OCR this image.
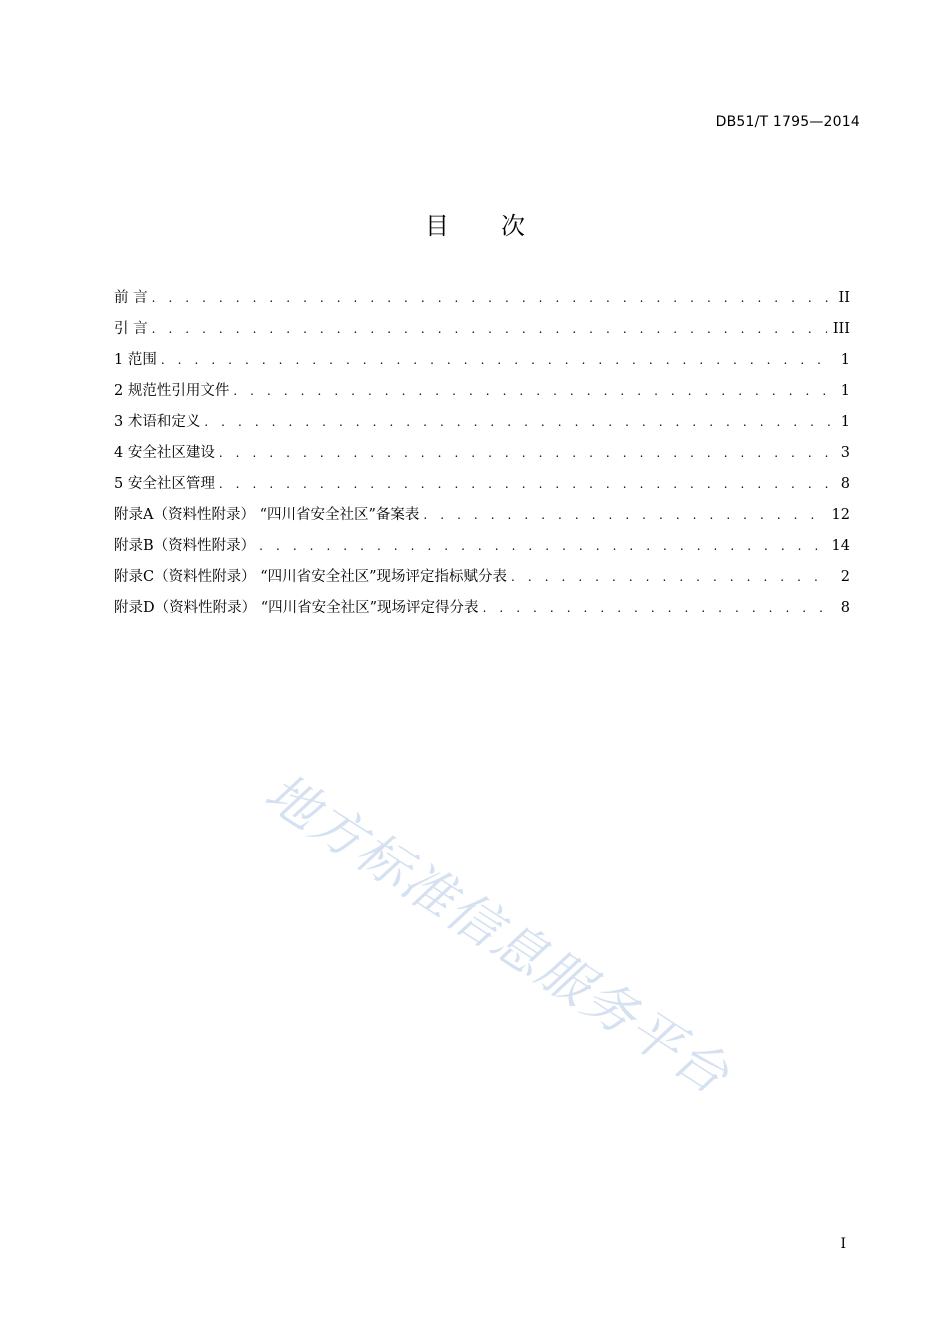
DB51/T 1795—2014
目 次
前 言 . . .	II
引 言 . . .	III
1 范围 . . .	1
2 规范性引用文件 . . .	1
3 术语和定义 . . .	1
4 安全社区建设 . . .	3
5 安全社区管理 . . .	8
附录A（资料性附录） “四川省安全社区”备案表 . . .	12
附录B（资料性附录） . . .	14
附录C（资料性附录） “四川省安全社区”现场评定指标赋分表 . . .	2
附录D（资料性附录） “四川省安全社区”现场评定得分表 . . .	8
地方标准信息服务平台
I
